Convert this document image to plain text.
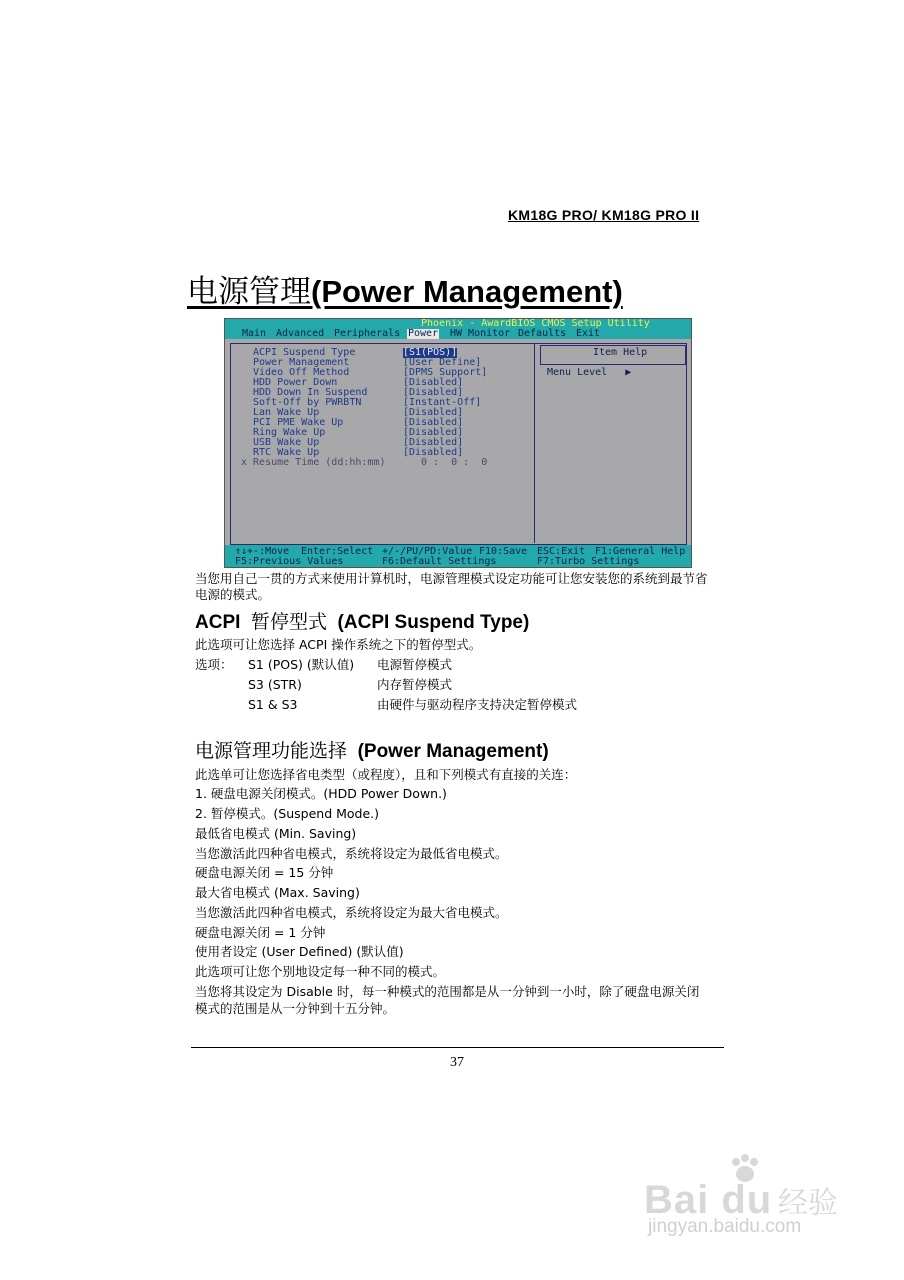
KM18G PRO/ KM18G PRO II
电源管理(Power Management)
Phoenix - AwardBIOS CMOS Setup Utility

Main

Advanced

Peripherals

Power

HW Monitor

Defaults

Exit

Item Help
Menu Level   ▶
ACPI Suspend Type	[S1(POS)]
Power Management	[User Define]
Video Off Method	[DPMS Support]
HDD Power Down	[Disabled]
HDD Down In Suspend	[Disabled]
Soft-Off by PWRBTN	[Instant-Off]
Lan Wake Up	[Disabled]
PCI PME Wake Up	[Disabled]
Ring Wake Up	[Disabled]
USB Wake Up	[Disabled]
RTC Wake Up	[Disabled]
x Resume Time (dd:hh:mm)	0 :  0 :  0
↑↓+-:Move Enter:Select +/-/PU/PD:Value F10:Save ESC:Exit F1:General Help
F5:Previous Values	F6:Default Settings	F7:Turbo Settings
当您用自己一贯的方式来使用计算机时，电源管理模式设定功能可让您安装您的系统到最节省
电源的模式。
ACPI 暂停型式 (ACPI Suspend Type)
此选项可让您选择 ACPI 操作系统之下的暂停型式。
选项： S1 (POS) (默认值) 电源暂停模式
S3 (STR)	内存暂停模式
S1 & S3	由硬件与驱动程序支持决定暂停模式
电源管理功能选择 (Power Management)
此选单可让您选择省电类型（或程度），且和下列模式有直接的关连：
1. 硬盘电源关闭模式。(HDD Power Down.)
2. 暂停模式。(Suspend Mode.)
最低省电模式 (Min. Saving)
当您激活此四种省电模式，系统将设定为最低省电模式。
硬盘电源关闭 = 15 分钟
最大省电模式 (Max. Saving)
当您激活此四种省电模式，系统将设定为最大省电模式。
硬盘电源关闭 = 1 分钟
使用者设定 (User Defined) (默认值)
此选项可让您个别地设定每一种不同的模式。
当您将其设定为 Disable 时，每一种模式的范围都是从一分钟到一小时，除了硬盘电源关闭
模式的范围是从一分钟到十五分钟。
37
Bai du 经验
jingyan.baidu.com
